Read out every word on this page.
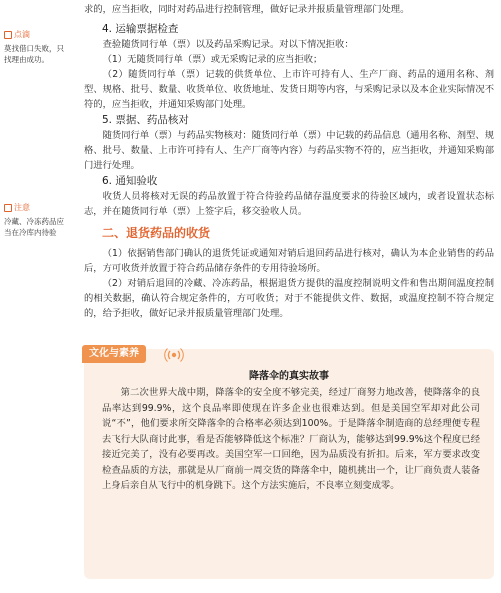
点滴
莫找借口失败，只找理由成功。
注意
冷藏、冷冻药品应当在冷库内待验

求的，应当拒收，同时对药品进行控制管理，做好记录并报质量管理部门处理。

4. 运输票据检查

查验随货同行单（票）以及药品采购记录。对以下情况拒收：

（1）无随货同行单（票）或无采购记录的应当拒收；

（2）随货同行单（票）记载的供货单位、上市许可持有人、生产厂商、药品的通用名称、剂型、规格、批号、数量、收货单位、收货地址、发货日期等内容，与采购记录以及本企业实际情况不符的，应当拒收，并通知采购部门处理。

5. 票据、药品核对

随货同行单（票）与药品实物核对：随货同行单（票）中记载的药品信息（通用名称、剂型、规格、批号、数量、上市许可持有人、生产厂商等内容）与药品实物不符的，应当拒收，并通知采购部门进行处理。

6. 通知验收

收货人员将核对无误的药品放置于符合待验药品储存温度要求的待验区域内，或者设置状态标志，并在随货同行单（票）上签字后，移交验收人员。

二、退货药品的收货

（1）依据销售部门确认的退货凭证或通知对销后退回药品进行核对，确认为本企业销售的药品后，方可收货并放置于符合药品储存条件的专用待验场所。

（2）对销后退回的冷藏、冷冻药品，根据退货方提供的温度控制说明文件和售出期间温度控制的相关数据，确认符合规定条件的，方可收货；对于不能提供文件、数据，或温度控制不符合规定的，给予拒收，做好记录并报质量管理部门处理。

文化与素养
降落伞的真实故事
第二次世界大战中期，降落伞的安全度不够完美，经过厂商努力地改善，使降落伞的良品率达到99.9%，这个良品率即使现在许多企业也很难达到。但是美国空军却对此公司说“不”，他们要求所交降落伞的合格率必须达到100%。于是降落伞制造商的总经理便专程去飞行大队商讨此事，看是否能够降低这个标准？厂商认为，能够达到99.9%这个程度已经接近完美了，没有必要再改。美国空军一口回绝，因为品质没有折扣。后来，军方要求改变检查品质的方法，那就是从厂商前一周交货的降落伞中，随机挑出一个，让厂商负责人装备上身后亲自从飞行中的机身跳下。这个方法实施后，不良率立刻变成零。
